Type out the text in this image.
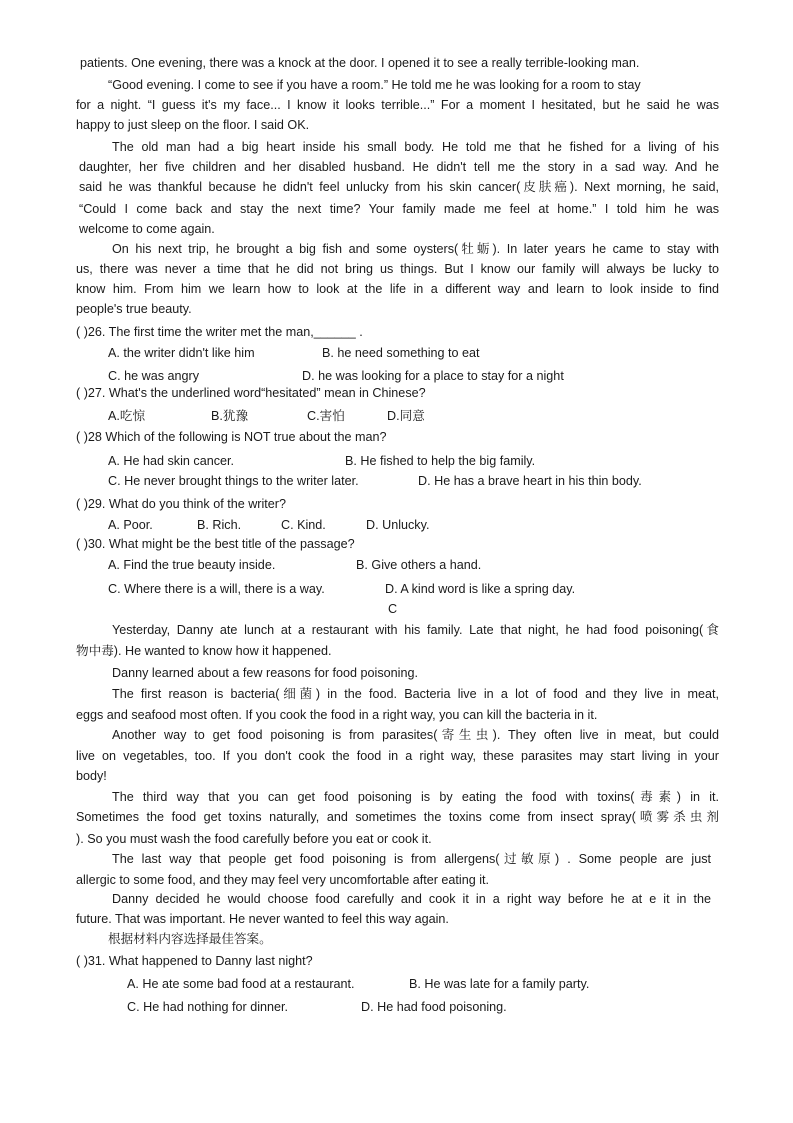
patients. One evening, there was a knock at the door. I opened it to see a really terrible-looking man.
“Good evening. I come to see if you have a room.” He told me he was looking for a room to stay
for a night. “I guess it's my face... I know it looks terrible...” For a moment I hesitated, but he said he was
happy to just sleep on the floor. I said OK.
The old man had a big heart inside his small body. He told me that he fished for a living of his
daughter, her five children and her disabled husband. He didn't tell me the story in a sad way. And he
said he was thankful because he didn't feel unlucky from his skin cancer(皮肤癌). Next morning, he said,
“Could I come back and stay the next time? Your family made me feel at home.” I told him he was
welcome to come again.
On his next trip, he brought a big fish and some oysters(牡蛎). In later years he came to stay with
us, there was never a time that he did not bring us things. But I know our family will always be lucky to
know him. From him we learn how to look at the life in a different way and learn to look inside to find
people's true beauty.
( )26. The first time the writer met the man,______ .
A. the writer didn't like him	B. he need something to eat
C. he was angry	D. he was looking for a place to stay for a night
( )27. What's the underlined word“hesitated” mean in Chinese?
A.吃惊	B.犹豫	C.害怕	D.同意
( )28 Which of the following is NOT true about the man?
A. He had skin cancer.	B. He fished to help the big family.
C. He never brought things to the writer later.	D. He has a brave heart in his thin body.
( )29. What do you think of the writer?
A. Poor.	B. Rich.	C. Kind.	D. Unlucky.
( )30. What might be the best title of the passage?
A. Find the true beauty inside.	B. Give others a hand.
C. Where there is a will, there is a way.	D. A kind word is like a spring day.
C
Yesterday, Danny ate lunch at a restaurant with his family. Late that night, he had food poisoning(食
物中毒). He wanted to know how it happened.
Danny learned about a few reasons for food poisoning.
The first reason is bacteria(细菌) in the food. Bacteria live in a lot of food and they live in meat,
eggs and seafood most often. If you cook the food in a right way, you can kill the bacteria in it.
Another way to get food poisoning is from parasites(寄生虫). They often live in meat, but could
live on vegetables, too. If you don't cook the food in a right way, these parasites may start living in your
body!
The third way that you can get food poisoning is by eating the food with toxins(毒素) in it.
Sometimes the food get toxins naturally, and sometimes the toxins come from insect spray(喷雾杀虫剂
). So you must wash the food carefully before you eat or cook it.
The last way that people get food poisoning is from allergens(过敏原) . Some people are just
allergic to some food, and they may feel very uncomfortable after eating it.
Danny decided he would choose food carefully and cook it in a right way before he at e it in the
future. That was important. He never wanted to feel this way again.
根据材料内容选择最佳答案。
( )31. What happened to Danny last night?
A. He ate some bad food at a restaurant.	B. He was late for a family party.
C. He had nothing for dinner.	D. He had food poisoning.
